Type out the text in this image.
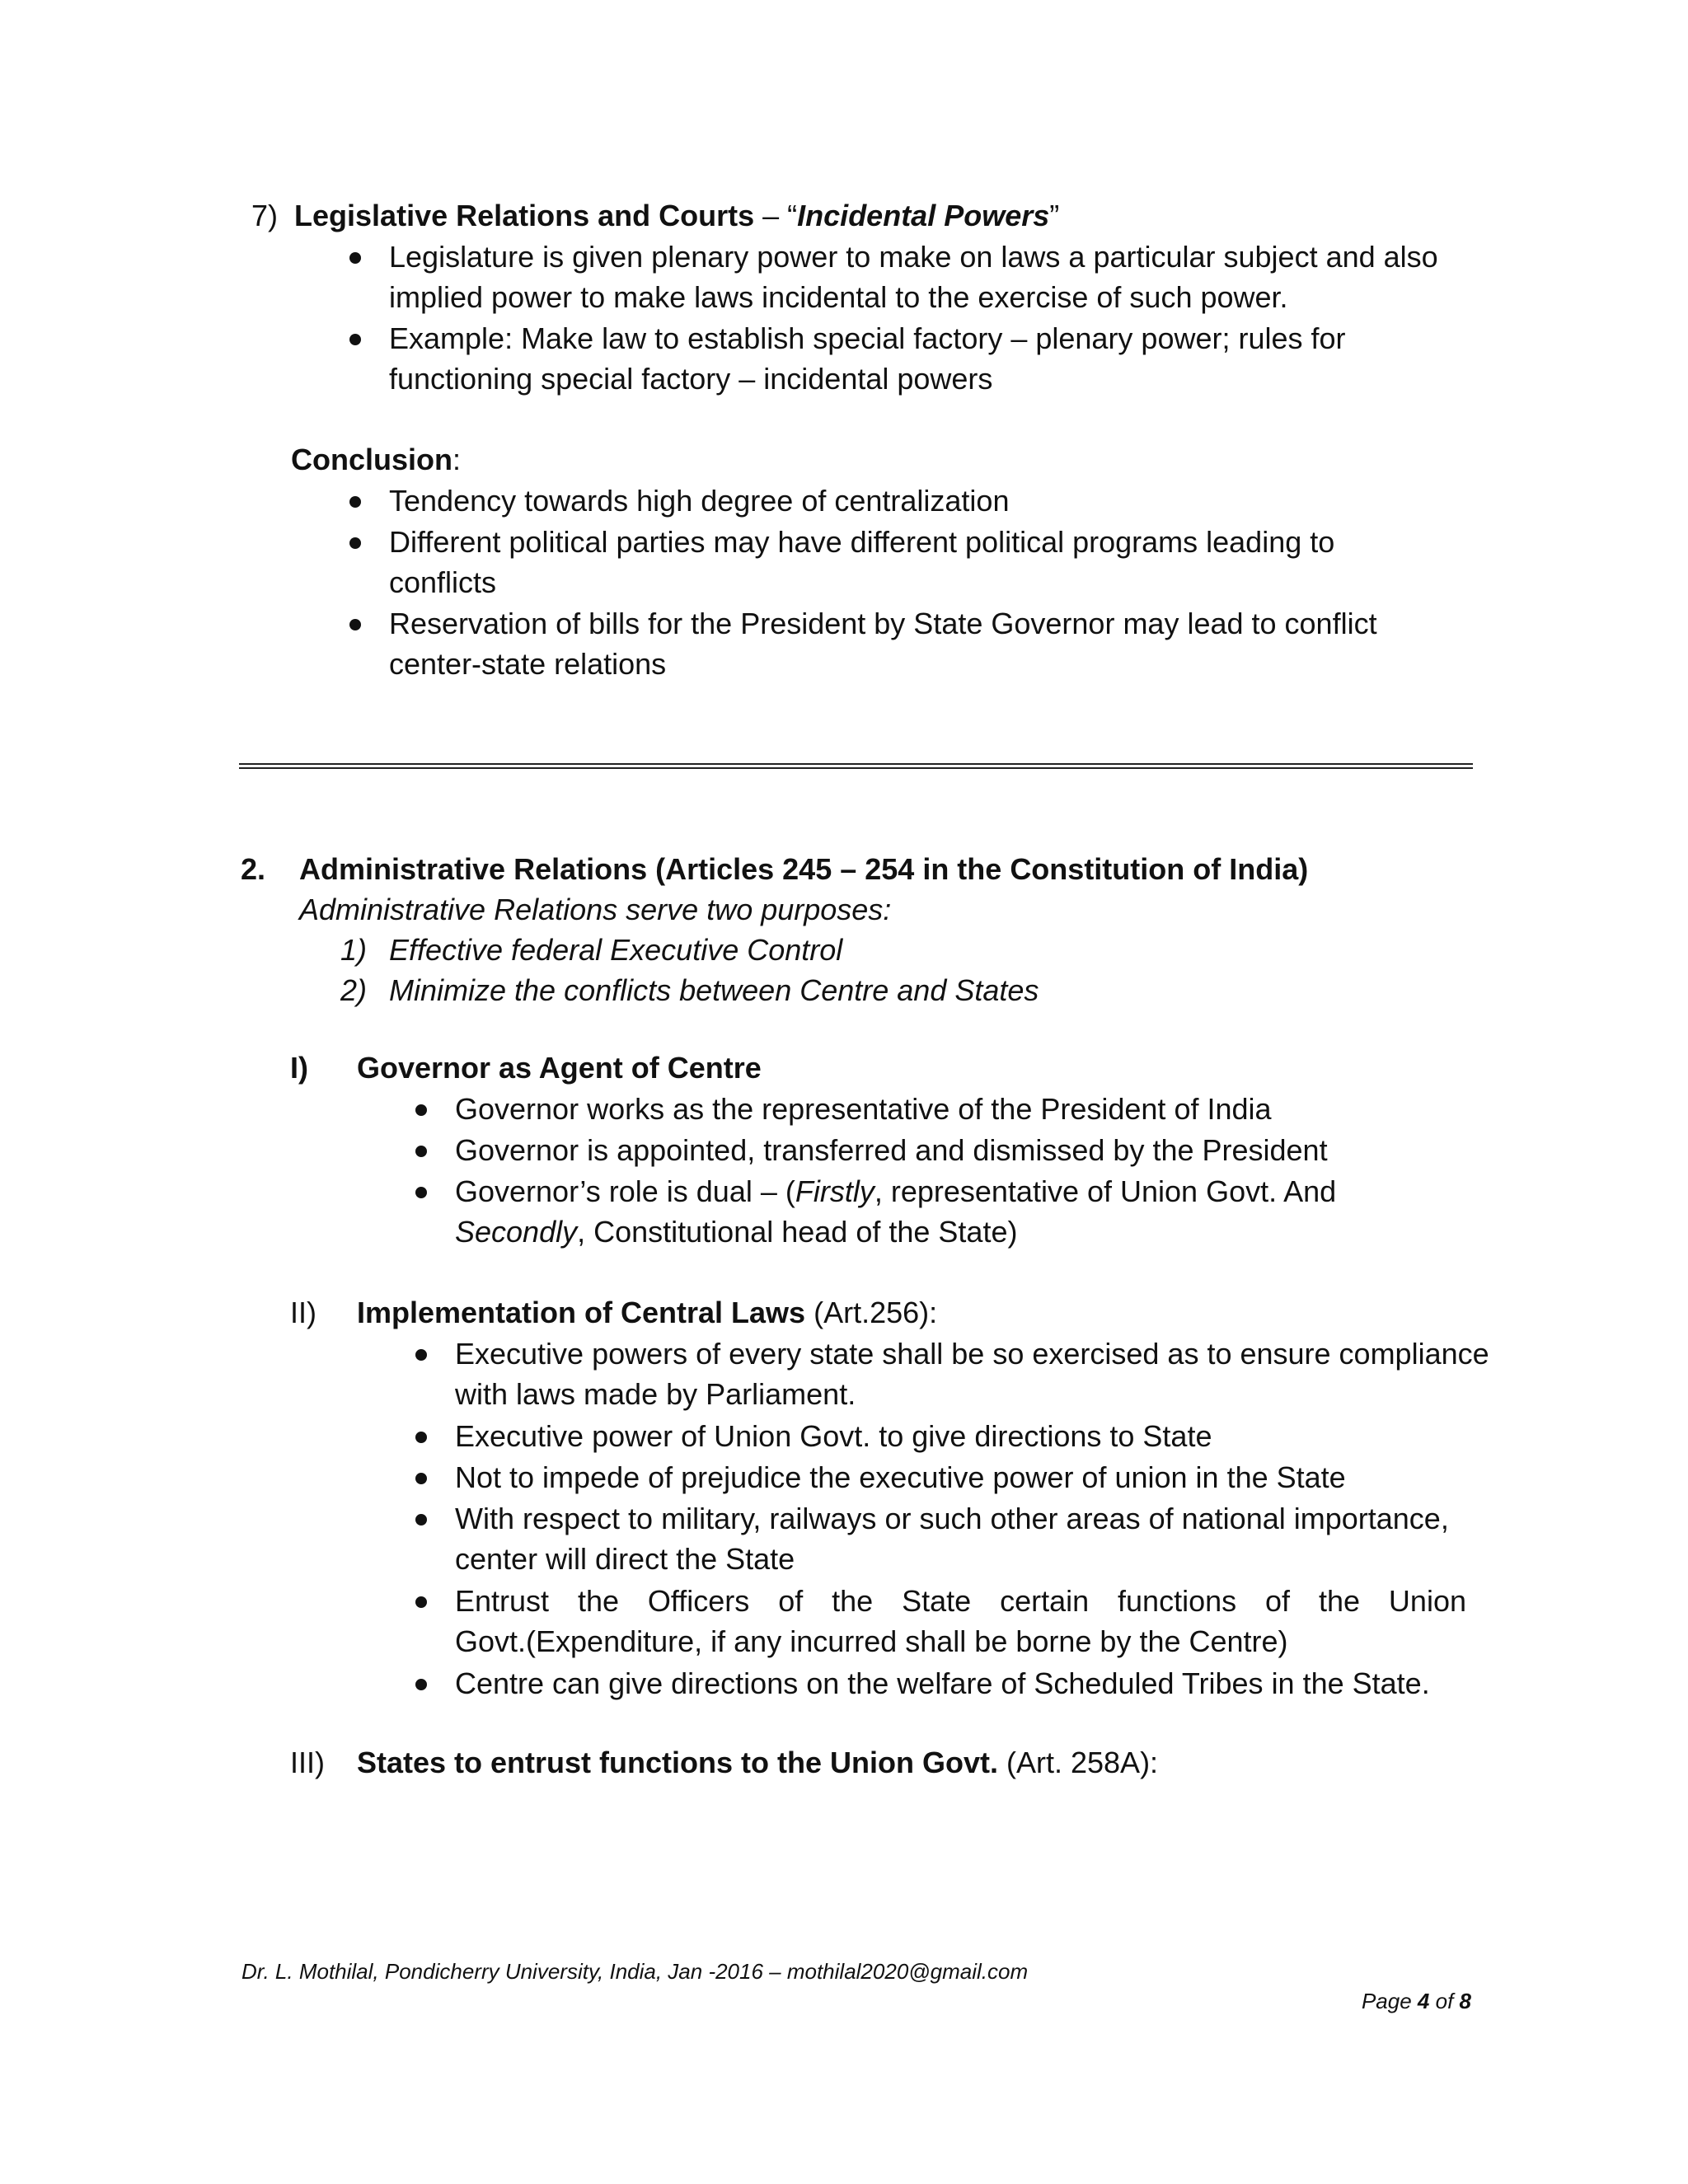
7) Legislative Relations and Courts – “Incidental Powers”
Legislature is given plenary power to make on laws a particular subject and also
implied power to make laws incidental to the exercise of such power.
Example: Make law to establish special factory – plenary power; rules for
functioning special factory – incidental powers
Conclusion:
Tendency towards high degree of centralization
Different political parties may have different political programs leading to
conflicts
Reservation of bills for the President by State Governor may lead to conflict
center-state relations
2. Administrative Relations (Articles 245 – 254 in the Constitution of India)
Administrative Relations serve two purposes:
1) Effective federal Executive Control
2) Minimize the conflicts between Centre and States
I) Governor as Agent of Centre
Governor works as the representative of the President of India
Governor is appointed, transferred and dismissed by the President
Governor’s role is dual – (Firstly, representative of Union Govt. And
Secondly, Constitutional head of the State)
II) Implementation of Central Laws (Art.256):
Executive powers of every state shall be so exercised as to ensure compliance
with laws made by Parliament.
Executive power of Union Govt. to give directions to State
Not to impede of prejudice the executive power of union in the State
With respect to military, railways or such other areas of national importance,
center will direct the State
Entrust the Officers of the State certain functions of the Union
Govt.(Expenditure, if any incurred shall be borne by the Centre)
Centre can give directions on the welfare of Scheduled Tribes in the State.
III) States to entrust functions to the Union Govt. (Art. 258A):
Dr. L. Mothilal, Pondicherry University, India, Jan -2016 – mothilal2020@gmail.com
Page 4 of 8
